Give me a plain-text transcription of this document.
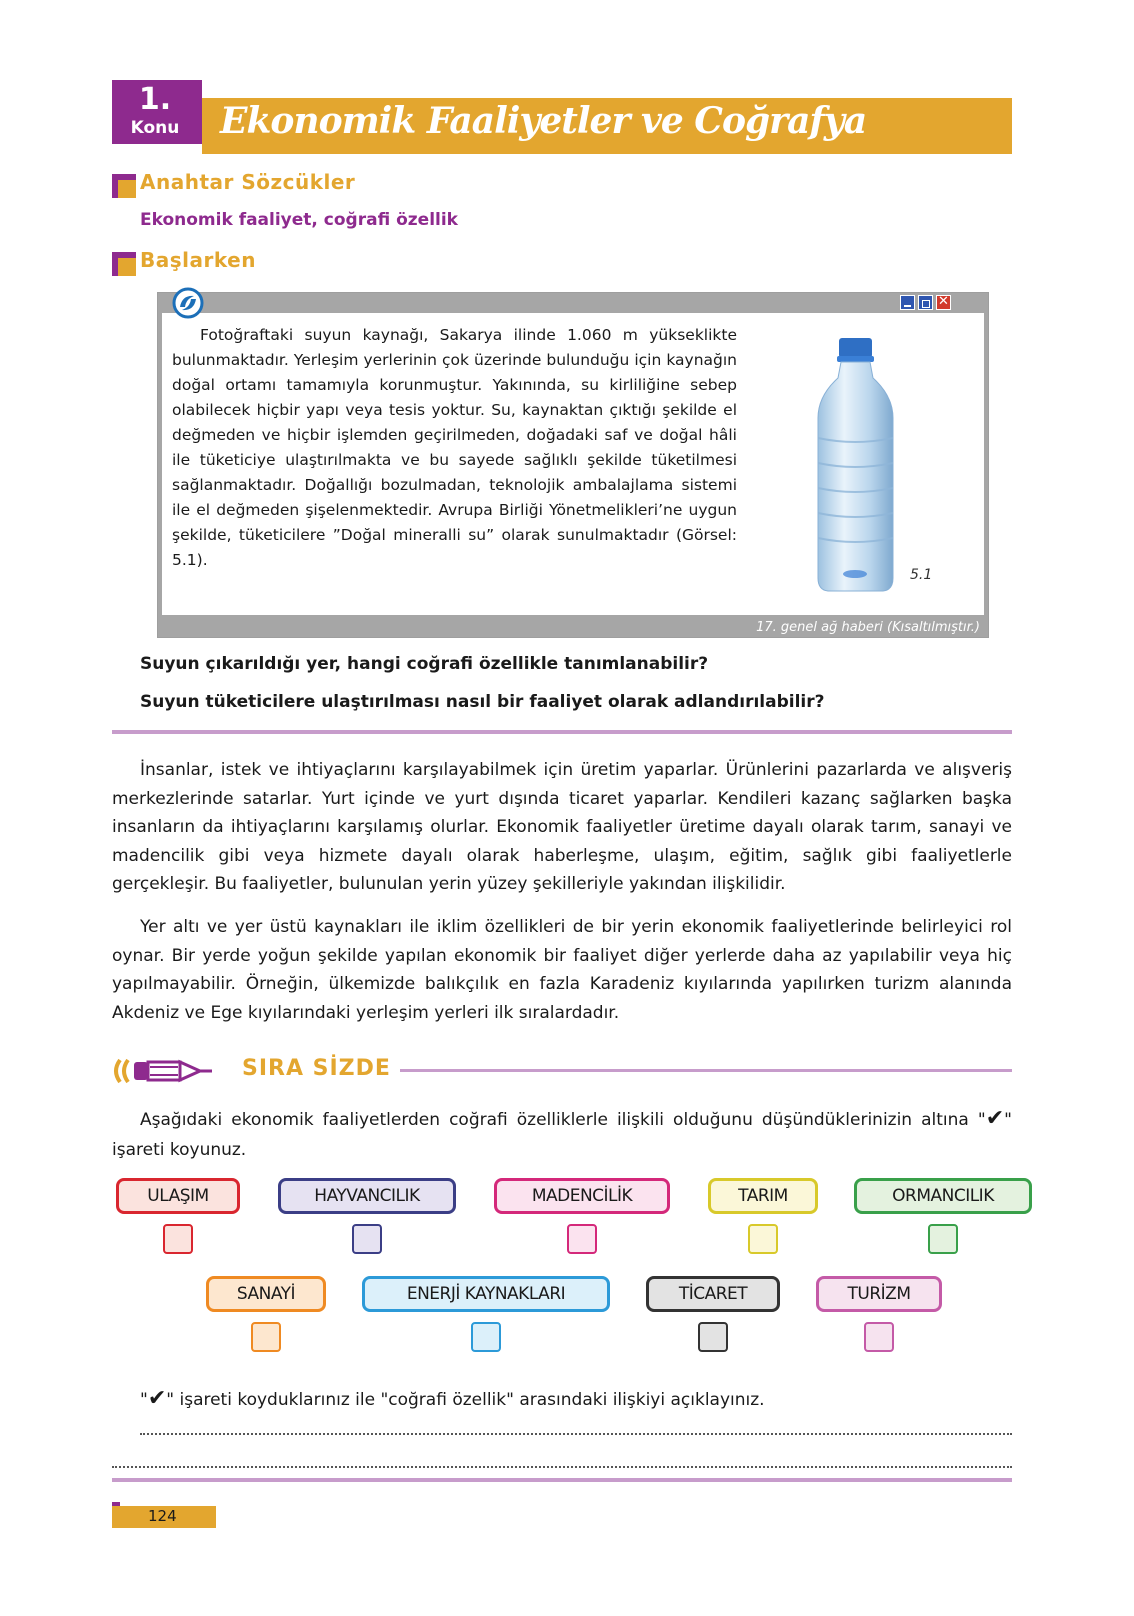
1.
Konu	Ekonomik Faaliyetler ve Coğrafya
Anahtar Sözcükler
Ekonomik faaliyet, coğrafi özellik
Başlarken
✕
Fotoğraftaki suyun kaynağı, Sakarya ilinde 1.060 m yükseklikte bulunmaktadır. Yerleşim yerlerinin çok üzerinde bulunduğu için kaynağın doğal ortamı tamamıyla korunmuştur. Yakınında, su kirliliğine sebep olabilecek hiçbir yapı veya tesis yoktur. Su, kaynaktan çıktığı şekilde el değmeden ve hiçbir işlemden geçirilmeden, doğadaki saf ve doğal hâli ile tüketiciye ulaştırılmakta ve bu sayede sağlıklı şekilde tüketilmesi sağlanmaktadır. Doğallığı bozulmadan, teknolojik ambalajlama sistemi ile el değmeden şişelenmektedir. Avrupa Birliği Yönetmelikleri’ne uygun şekilde, tüketicilere ”Doğal mineralli su” olarak sunulmaktadır (Görsel: 5.1).
5.1
17. genel ağ haberi (Kısaltılmıştır.)
Suyun çıkarıldığı yer, hangi coğrafi özellikle tanımlanabilir?
Suyun tüketicilere ulaştırılması nasıl bir faaliyet olarak adlandırılabilir?
İnsanlar, istek ve ihtiyaçlarını karşılayabilmek için üretim yaparlar. Ürünlerini pazarlarda ve alışveriş merkezlerinde satarlar. Yurt içinde ve yurt dışında ticaret yaparlar. Kendileri kazanç sağlarken başka insanların da ihtiyaçlarını karşılamış olurlar. Ekonomik faaliyetler üretime dayalı olarak tarım, sanayi ve madencilik gibi veya hizmete dayalı olarak haberleşme, ulaşım, eğitim, sağlık gibi faaliyetlerle gerçekleşir. Bu faaliyetler, bulunulan yerin yüzey şekilleriyle yakından ilişkilidir.
Yer altı ve yer üstü kaynakları ile iklim özellikleri de bir yerin ekonomik faaliyetlerinde belirleyici rol oynar. Bir yerde yoğun şekilde yapılan ekonomik bir faaliyet diğer yerlerde daha az yapılabilir veya hiç yapılmayabilir. Örneğin, ülkemizde balıkçılık en fazla Karadeniz kıyılarında yapılırken turizm alanında Akdeniz ve Ege kıyılarındaki yerleşim yerleri ilk sıralardadır.
SIRA SİZDE
Aşağıdaki ekonomik faaliyetlerden coğrafi özelliklerle ilişkili olduğunu düşündüklerinizin altına "✔" işareti koyunuz.
ULAŞIM	HAYVANCILIK	MADENCİLİK	TARIM	ORMANCILIK
SANAYİ	ENERJİ KAYNAKLARI	TİCARET	TURİZM
"✔" işareti koyduklarınız ile "coğrafi özellik" arasındaki ilişkiyi açıklayınız.
124
